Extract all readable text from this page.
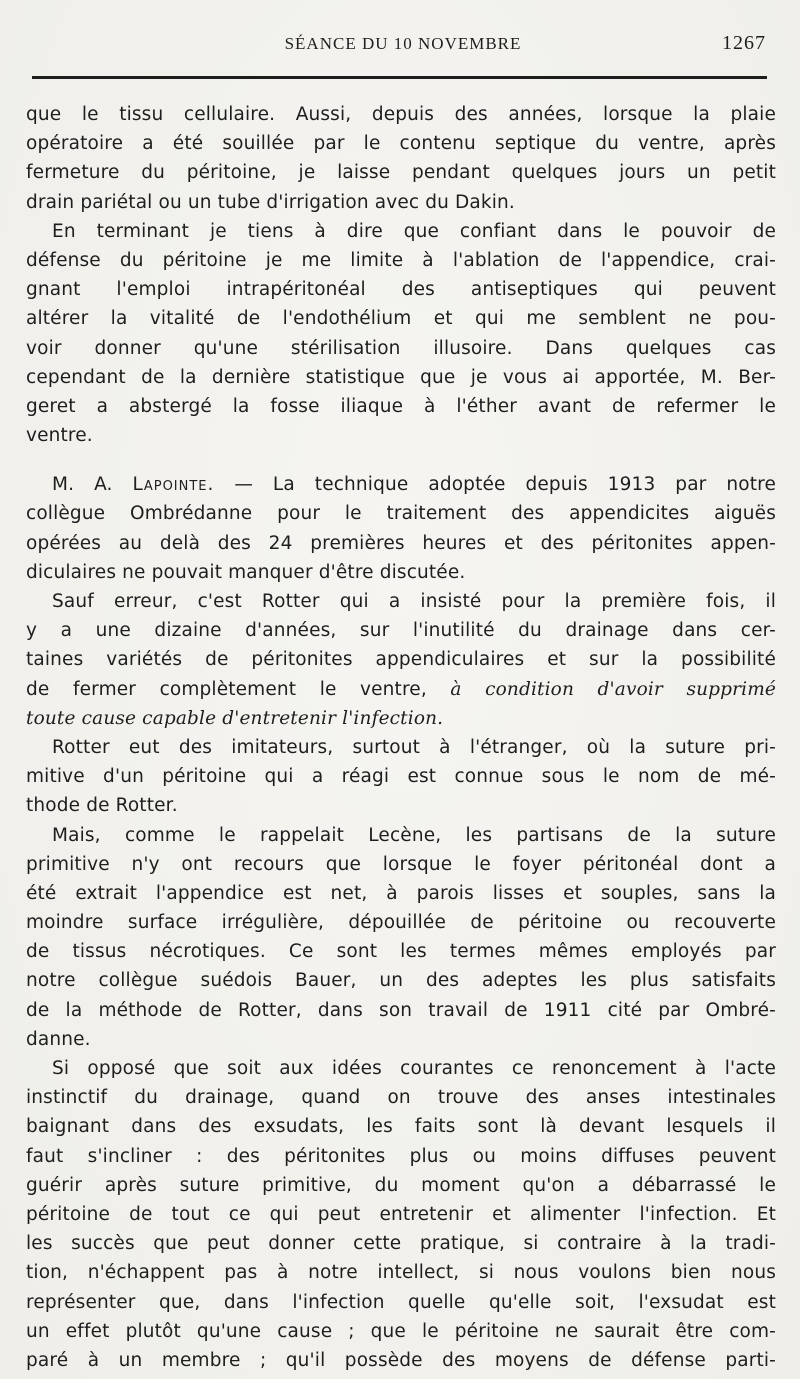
SÉANCE DU 10 NOVEMBRE	1267
que le tissu cellulaire. Aussi, depuis des années, lorsque la plaie
opératoire a été souillée par le contenu septique du ventre, après
fermeture du péritoine, je laisse pendant quelques jours un petit
drain pariétal ou un tube d'irrigation avec du Dakin.
En terminant je tiens à dire que confiant dans le pouvoir de
défense du péritoine je me limite à l'ablation de l'appendice, crai-
gnant l'emploi intrapéritonéal des antiseptiques qui peuvent
altérer la vitalité de l'endothélium et qui me semblent ne pou-
voir donner qu'une stérilisation illusoire. Dans quelques cas
cependant de la dernière statistique que je vous ai apportée, M. Ber-
geret a abstergé la fosse iliaque à l'éther avant de refermer le
ventre.
M. A. Lapointe. — La technique adoptée depuis 1913 par notre
collègue Ombrédanne pour le traitement des appendicites aiguës
opérées au delà des 24 premières heures et des péritonites appen-
diculaires ne pouvait manquer d'être discutée.
Sauf erreur, c'est Rotter qui a insisté pour la première fois, il
y a une dizaine d'années, sur l'inutilité du drainage dans cer-
taines variétés de péritonites appendiculaires et sur la possibilité
de fermer complètement le ventre, à condition d'avoir supprimé
toute cause capable d'entretenir l'infection.
Rotter eut des imitateurs, surtout à l'étranger, où la suture pri-
mitive d'un péritoine qui a réagi est connue sous le nom de mé-
thode de Rotter.
Mais, comme le rappelait Lecène, les partisans de la suture
primitive n'y ont recours que lorsque le foyer péritonéal dont a
été extrait l'appendice est net, à parois lisses et souples, sans la
moindre surface irrégulière, dépouillée de péritoine ou recouverte
de tissus nécrotiques. Ce sont les termes mêmes employés par
notre collègue suédois Bauer, un des adeptes les plus satisfaits
de la méthode de Rotter, dans son travail de 1911 cité par Ombré-
danne.
Si opposé que soit aux idées courantes ce renoncement à l'acte
instinctif du drainage, quand on trouve des anses intestinales
baignant dans des exsudats, les faits sont là devant lesquels il
faut s'incliner : des péritonites plus ou moins diffuses peuvent
guérir après suture primitive, du moment qu'on a débarrassé le
péritoine de tout ce qui peut entretenir et alimenter l'infection. Et
les succès que peut donner cette pratique, si contraire à la tradi-
tion, n'échappent pas à notre intellect, si nous voulons bien nous
représenter que, dans l'infection quelle qu'elle soit, l'exsudat est
un effet plutôt qu'une cause ; que le péritoine ne saurait être com-
paré à un membre ; qu'il possède des moyens de défense parti-
